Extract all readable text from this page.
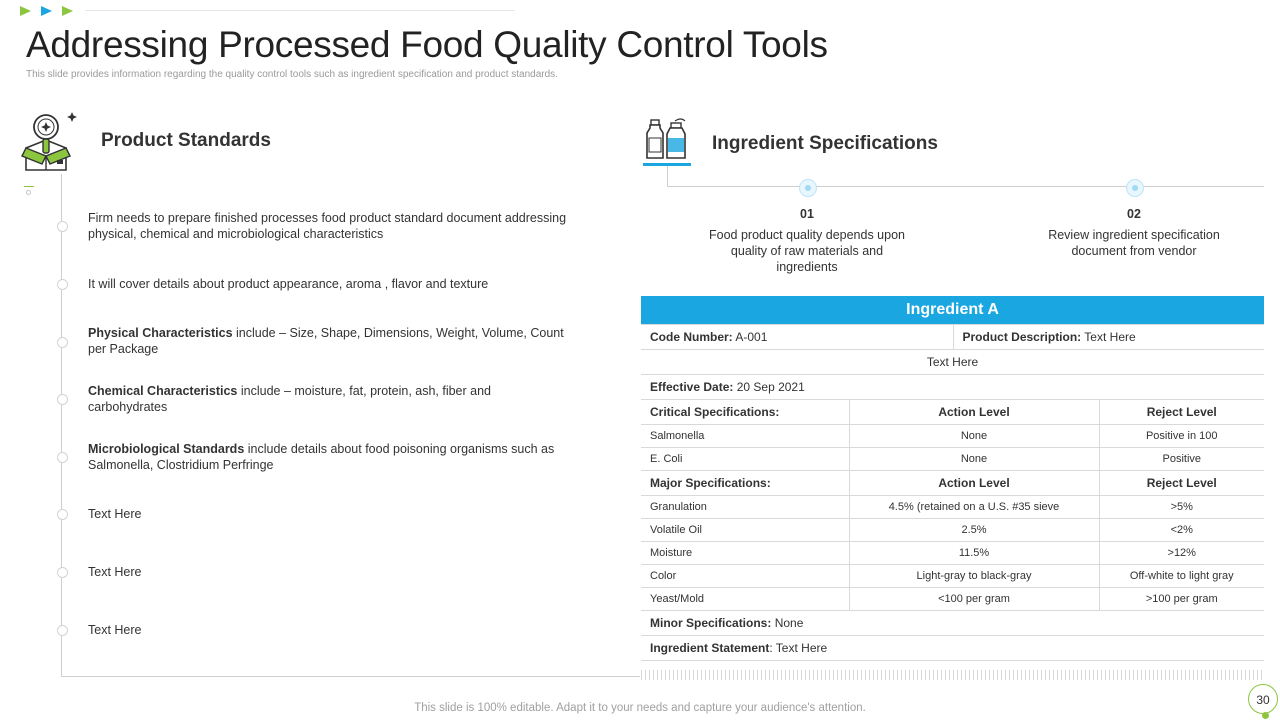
Addressing Processed Food Quality Control Tools
This slide provides information regarding the quality control tools such as ingredient specification and product standards.
Product Standards
Firm needs to prepare finished processes food product standard document addressing physical, chemical and microbiological characteristics
It will cover details about product appearance, aroma , flavor and texture
Physical Characteristics include – Size, Shape, Dimensions, Weight, Volume, Count per Package
Chemical Characteristics include – moisture, fat, protein, ash, fiber and carbohydrates
Microbiological Standards include details about food poisoning organisms such as Salmonella, Clostridium Perfringe
Text Here
Text Here
Text Here
Ingredient Specifications
01
Food product quality depends upon quality of raw materials and ingredients
02
Review ingredient specification document from vendor
Ingredient A			
Code Number: A-001		Product Description: Text Here	
Text Here			
Effective Date: 20 Sep 2021			
Critical Specifications:	Action Level		Reject Level
Salmonella	None		Positive in 100
E. Coli	None		Positive
Major Specifications:	Action Level		Reject Level
Granulation	4.5% (retained on a U.S. #35 sieve		>5%
Volatile Oil	2.5%		<2%
Moisture	11.5%		>12%
Color	Light-gray to black-gray		Off-white to light gray
Yeast/Mold	<100 per gram		>100 per gram
Minor Specifications: None			
Ingredient Statement: Text Here			
This slide is 100% editable. Adapt it to your needs and capture your audience's attention.
30
